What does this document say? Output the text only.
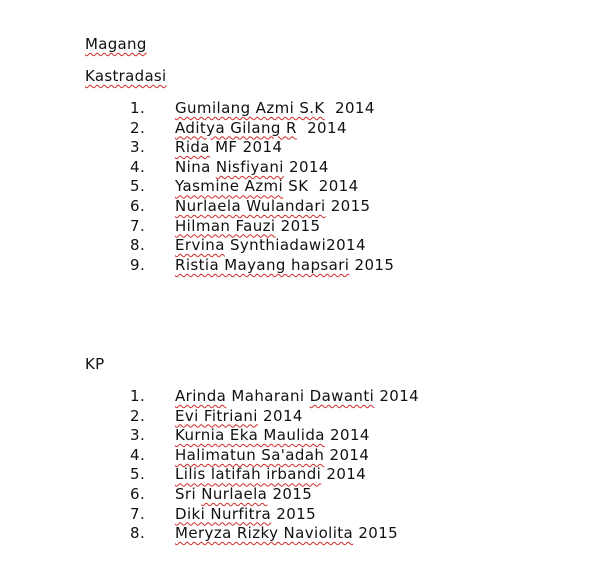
Magang
Kastradasi
1.	Gumilang Azmi S.K  2014
2.	Aditya Gilang R  2014
3.	Rida MF 2014
4.	Nina Nisfiyani 2014
5.	Yasmine Azmi SK  2014
6.	Nurlaela Wulandari 2015
7.	Hilman Fauzi 2015
8.	Ervina Synthiadawi2014
9.	Ristia Mayang hapsari 2015
KP
1.	Arinda Maharani Dawanti 2014
2.	Evi Fitriani 2014
3.	Kurnia Eka Maulida 2014
4.	Halimatun Sa'adah 2014
5.	Lilis latifah irbandi 2014
6.	Sri Nurlaela 2015
7.	Diki Nurfitra 2015
8.	Meryza Rizky Naviolita 2015
